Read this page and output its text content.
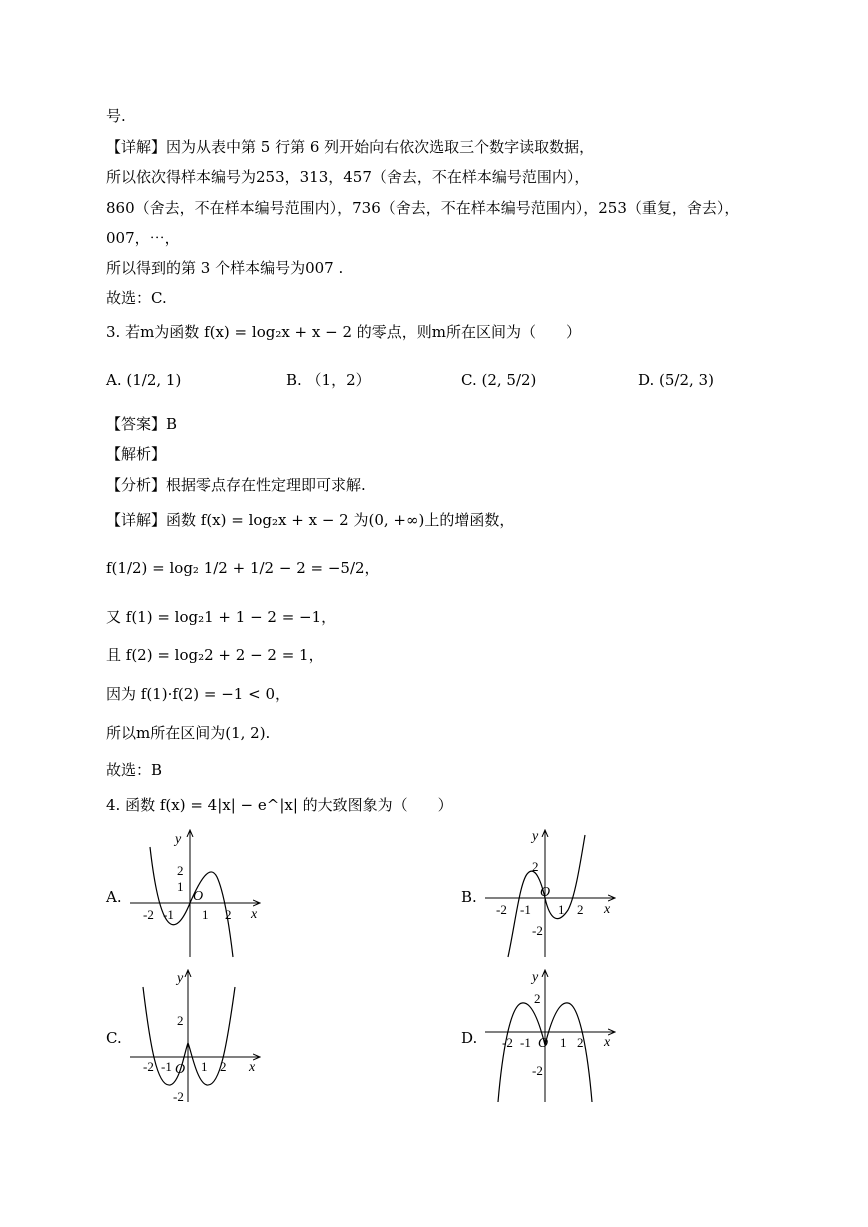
号.
【详解】因为从表中第 5 行第 6 列开始向右依次选取三个数字读取数据，
所以依次得样本编号为253，313，457（舍去，不在样本编号范围内），
860（舍去，不在样本编号范围内），736（舍去，不在样本编号范围内），253（重复，舍去），
007，⋯，
所以得到的第 3 个样本编号为007 .
故选：C.
3. 若m为函数 f(x) = log₂x + x − 2 的零点，则m所在区间为（　　）
A. (1/2, 1)	B. （1，2）	C. (2, 5/2)	D. (5/2, 3)
【答案】B
【解析】
【分析】根据零点存在性定理即可求解.
【详解】函数 f(x) = log₂x + x − 2 为(0, +∞)上的增函数，
f(1/2) = log₂ 1/2 + 1/2 − 2 = −5/2，
又 f(1) = log₂1 + 1 − 2 = −1，
且 f(2) = log₂2 + 2 − 2 = 1，
因为 f(1)·f(2) = −1 < 0，
所以m所在区间为(1, 2).
故选：B
4. 函数 f(x) = 4|x| − e^|x| 的大致图象为（　　）
A.	B.
C.	D.
y
x
O
-2 -1 1 2
2
1
y
x
O
-2 -1 1 2
2
-2
y
x
O
-2 -1 1 2
2
-2
y
x
O
-2 -1 1 2
2
-2
